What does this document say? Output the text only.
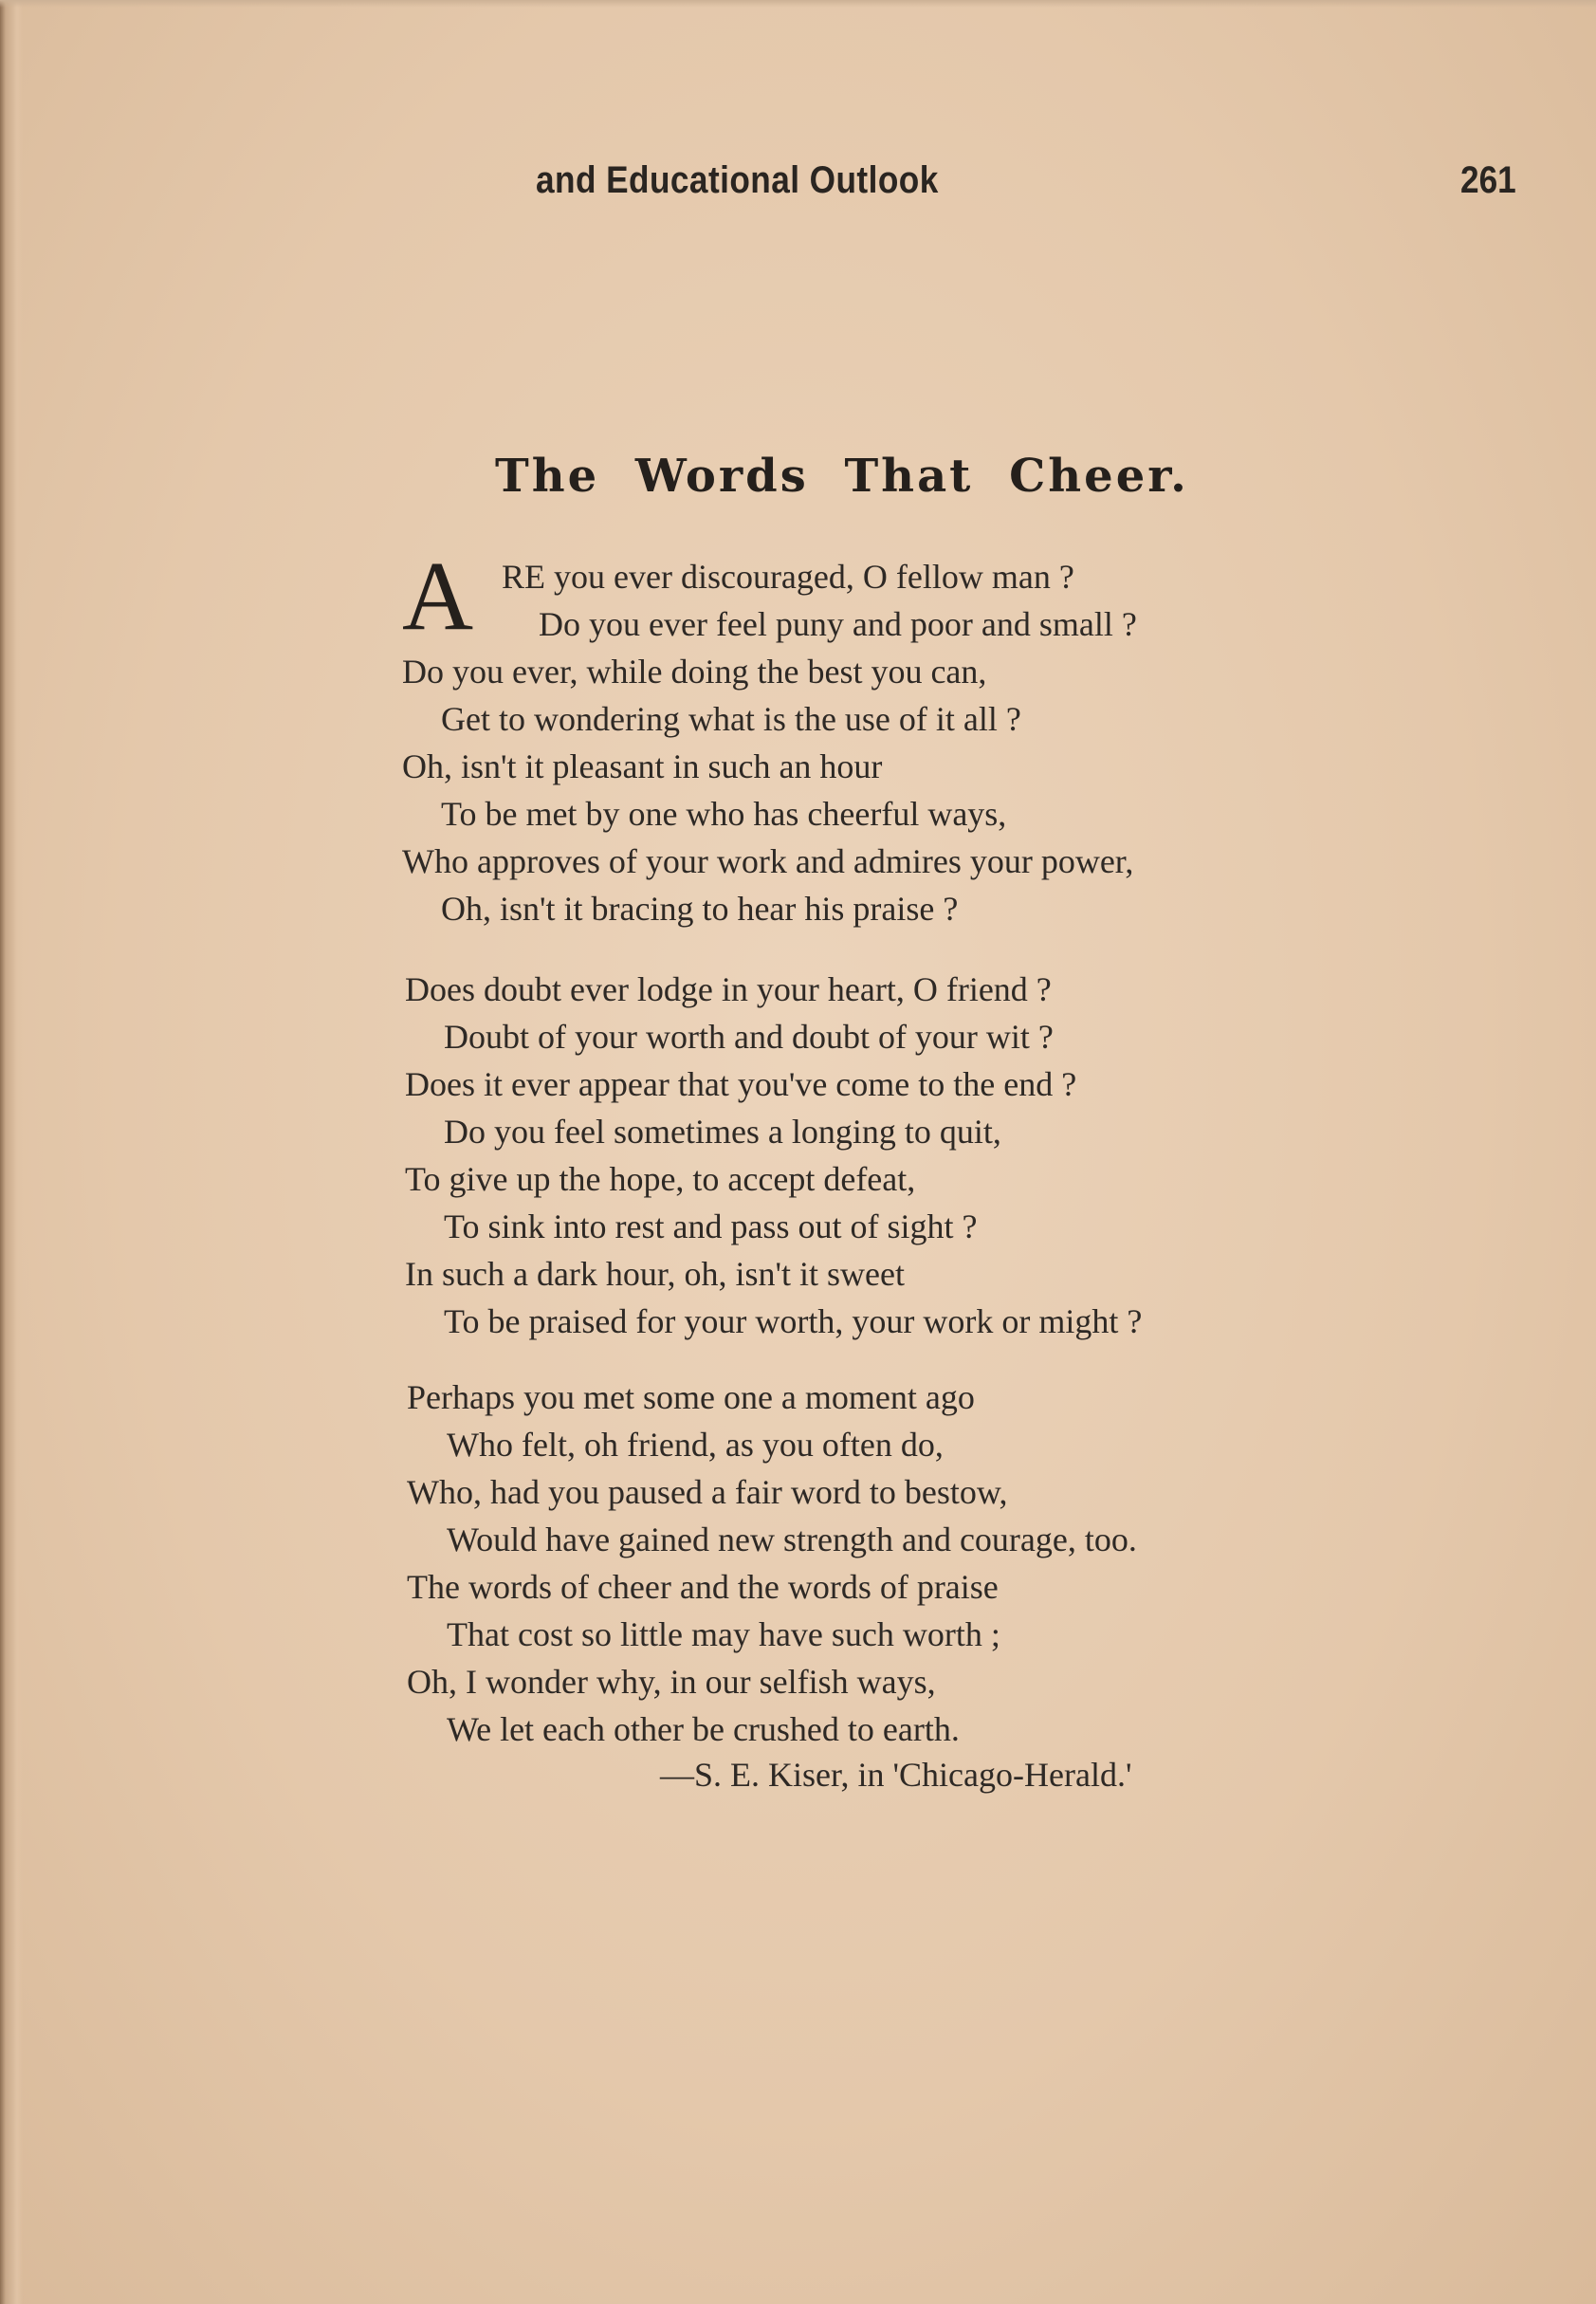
and Educational Outlook	261
The Words That Cheer.
A RE you ever discouraged, O fellow man ?
Do you ever feel puny and poor and small ?
Do you ever, while doing the best you can,
Get to wondering what is the use of it all ?
Oh, isn't it pleasant in such an hour
To be met by one who has cheerful ways,
Who approves of your work and admires your power,
Oh, isn't it bracing to hear his praise ?
Does doubt ever lodge in your heart, O friend ?
Doubt of your worth and doubt of your wit ?
Does it ever appear that you've come to the end ?
Do you feel sometimes a longing to quit,
To give up the hope, to accept defeat,
To sink into rest and pass out of sight ?
In such a dark hour, oh, isn't it sweet
To be praised for your worth, your work or might ?
Perhaps you met some one a moment ago
Who felt, oh friend, as you often do,
Who, had you paused a fair word to bestow,
Would have gained new strength and courage, too.
The words of cheer and the words of praise
That cost so little may have such worth ;
Oh, I wonder why, in our selfish ways,
We let each other be crushed to earth.
—S. E. Kiser, in 'Chicago-Herald.'
